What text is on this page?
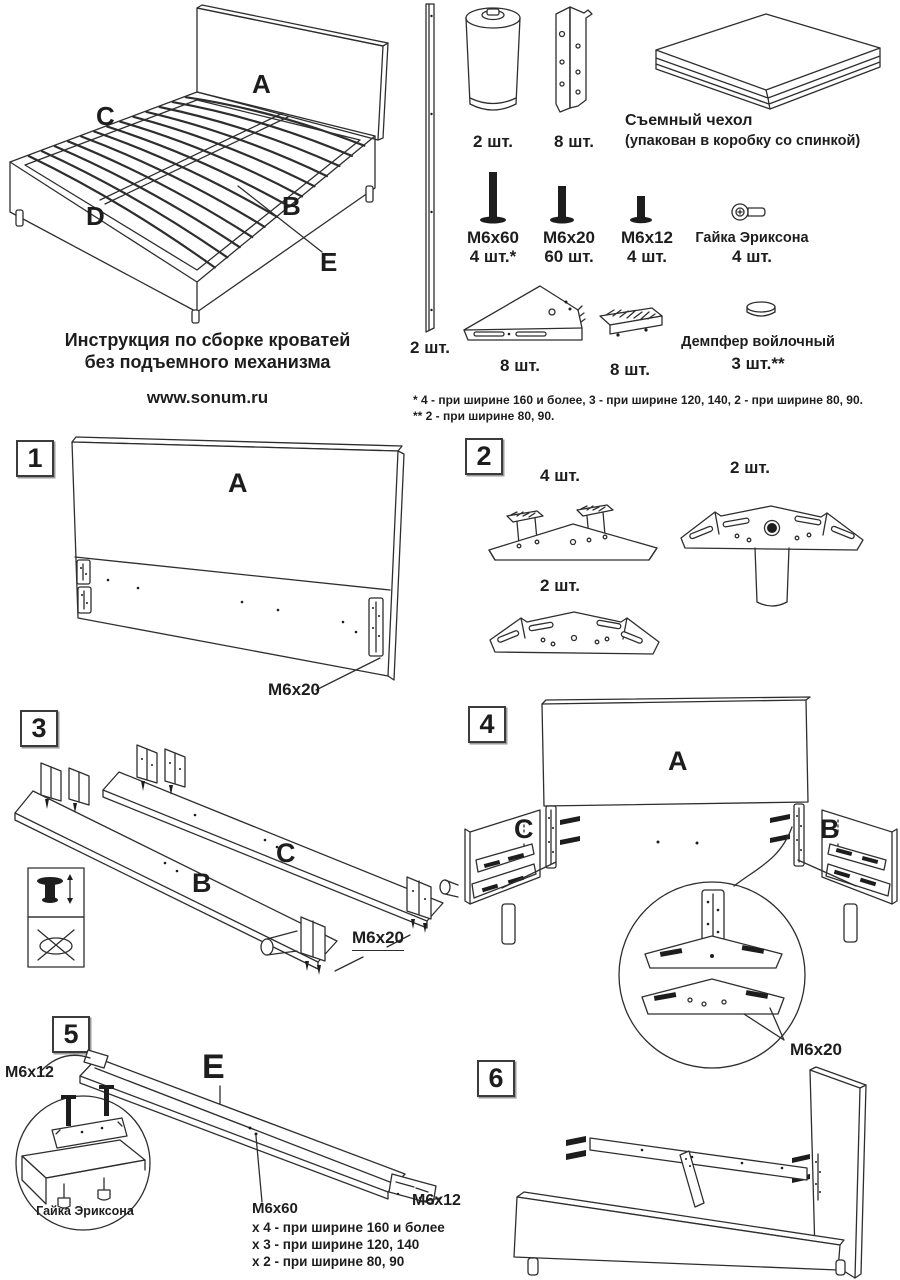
A
C
D	B
E
Инструкция по сборке кроватей
без подъемного механизма
www.sonum.ru
2 шт.
2 шт.	8 шт.
Съемный чехол
(упакован в коробку со спинкой)
M6x60
4 шт.*
M6x20
60 шт.
M6x12
4 шт.
Гайка Эриксона
4 шт.
8 шт.	8 шт.
Демпфер войлочный
3 шт.**
* 4 - при ширине 160 и более, 3 - при ширине 120, 140, 2 - при ширине 80, 90.
** 2 - при ширине 80, 90.
1
A
M6x20
2
4 шт.	2 шт.
2 шт.
3
B
C
M6x20
4
A
C	B
M6x20
5
M6x12	E
Гайка Эриксона
M6x12
M6x60
x 4 - при ширине 160 и более
x 3 - при ширине 120, 140
x 2 - при ширине 80, 90
6
